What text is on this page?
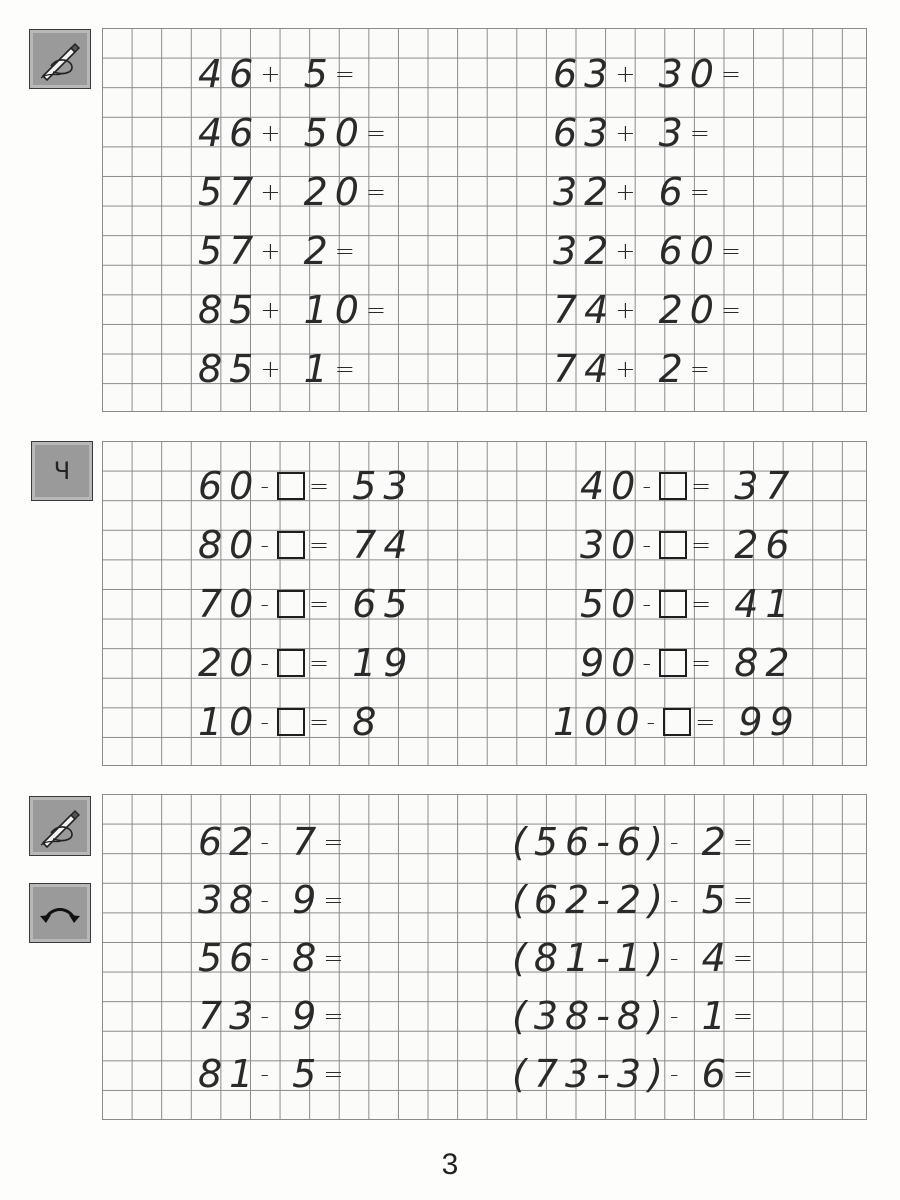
Ч
46+ 5=
46+ 50=
57+ 20=
57+ 2=
85+ 10=
85+ 1=
63+ 30=
63+ 3=
32+ 6=
32+ 60=
74+ 20=
74+ 2=
60- = 53
80- = 74
70- = 65
20- = 19
10- = 8
40- = 37
30- = 26
50- = 41
90- = 82
100- = 99
62- 7=
38- 9=
56- 8=
73- 9=
81- 5=
(56-6)- 2=
(62-2)- 5=
(81-1)- 4=
(38-8)- 1=
(73-3)- 6=
3
